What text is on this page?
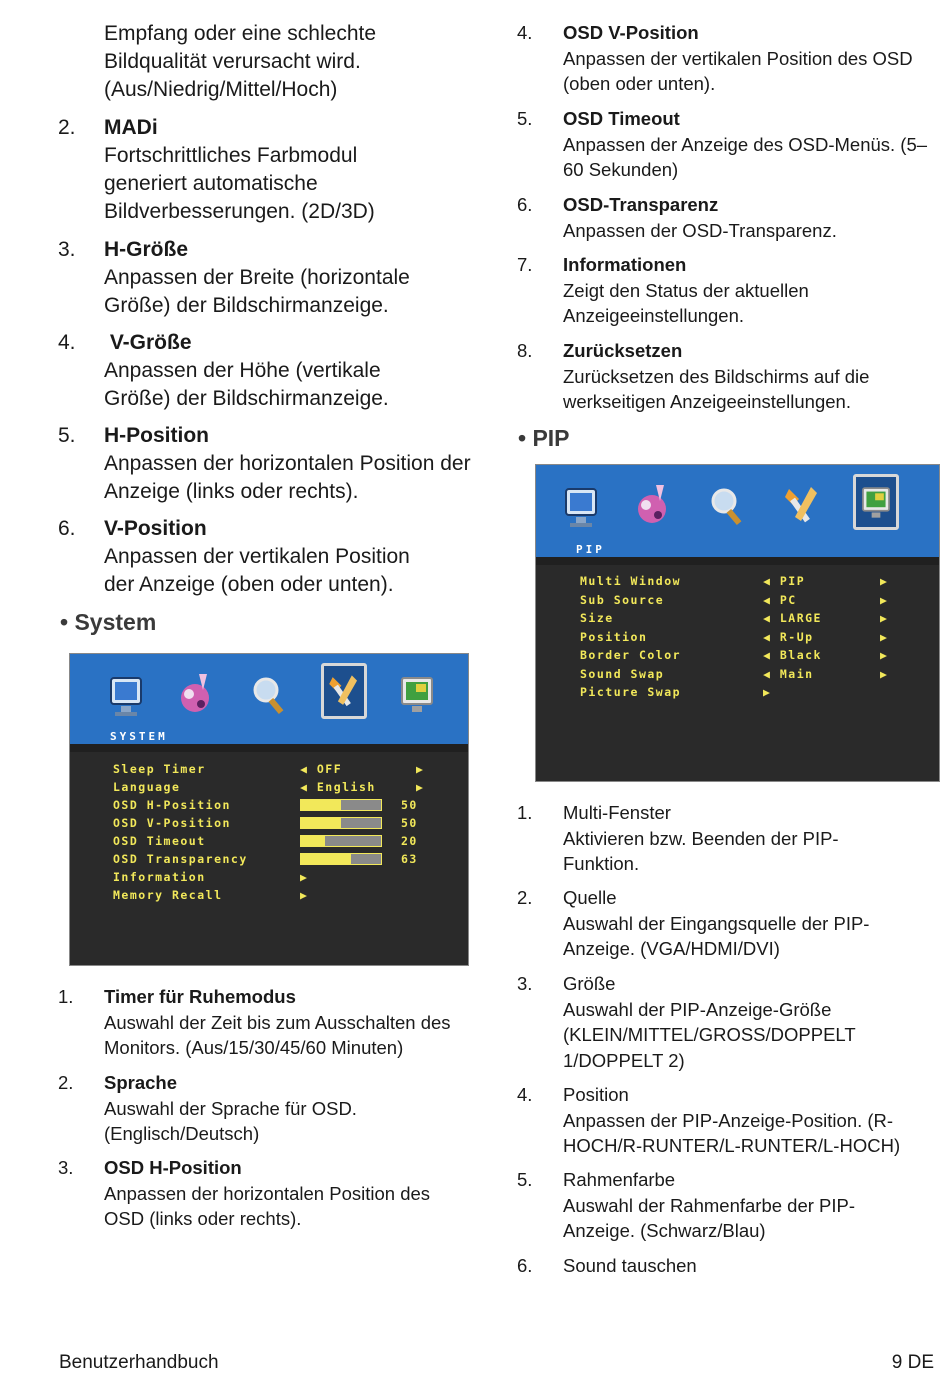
Empfang oder eine schlechte
Bildqualität verursacht wird.
(Aus/Niedrig/Mittel/Hoch)
2. MADi
Fortschrittliches Farbmodul generiert automatische Bildverbesserungen. (2D/3D)
3. H-Größe
Anpassen der Breite (horizontale Größe) der Bildschirmanzeige.
4. V-Größe
Anpassen der Höhe (vertikale Größe) der Bildschirmanzeige.
5. H-Position
Anpassen der horizontalen Position der Anzeige (links oder rechts).
6. V-Position
Anpassen der vertikalen Position der Anzeige (oben oder unten).
• System
SYSTEM
Sleep Timer	◀ OFF	▶
Language	◀ English	▶
OSD H-Position	50
OSD V-Position	50
OSD Timeout	20
OSD Transparency	63
Information	▶
Memory Recall	▶
1. Timer für Ruhemodus
Auswahl der Zeit bis zum Ausschalten des Monitors. (Aus/15/30/45/60 Minuten)
2. Sprache
Auswahl der Sprache für OSD. (Englisch/Deutsch)
3. OSD H-Position
Anpassen der horizontalen Position des OSD (links oder rechts).
4. OSD V-Position
Anpassen der vertikalen Position des OSD (oben oder unten).
5. OSD Timeout
Anpassen der Anzeige des OSD-Menüs. (5–60 Sekunden)
6. OSD-Transparenz
Anpassen der OSD-Transparenz.
7. Informationen
Zeigt den Status der aktuellen Anzeigeeinstellungen.
8. Zurücksetzen
Zurücksetzen des Bildschirms auf die werkseitigen Anzeigeeinstellungen.
• PIP
PIP
Multi Window	◀ PIP	▶
Sub Source	◀ PC	▶
Size	◀ LARGE	▶
Position	◀ R-Up	▶
Border Color	◀ Black	▶
Sound Swap	◀ Main	▶
Picture Swap	▶
1. Multi-Fenster
Aktivieren bzw. Beenden der PIP-Funktion.
2. Quelle
Auswahl der Eingangsquelle der PIP-Anzeige. (VGA/HDMI/DVI)
3. Größe
Auswahl der PIP-Anzeige-Größe (KLEIN/MITTEL/GROSS/DOPPELT 1/DOPPELT 2)
4. Position
Anpassen der PIP-Anzeige-Position. (R-HOCH/R-RUNTER/L-RUNTER/L-HOCH)
5. Rahmenfarbe
Auswahl der Rahmenfarbe der PIP-Anzeige. (Schwarz/Blau)
6. Sound tauschen
Benutzerhandbuch	9 DE
